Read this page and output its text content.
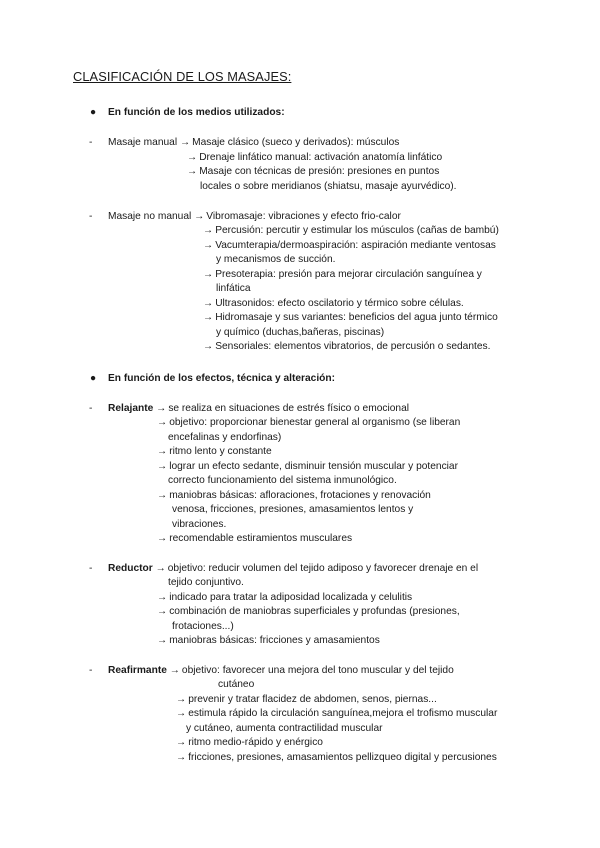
CLASIFICACIÓN DE LOS MASAJES:
● En función de los medios utilizados:
- Masaje manual → Masaje clásico (sueco y derivados): músculos
→ Drenaje linfático manual: activación anatomía linfático
→ Masaje con técnicas de presión: presiones en puntos
locales o sobre meridianos (shiatsu, masaje ayurvédico).
- Masaje no manual → Vibromasaje: vibraciones y efecto frio-calor
→ Percusión: percutir y estimular los músculos (cañas de bambú)
→ Vacumterapia/dermoaspiración: aspiración mediante ventosas
y mecanismos de succión.
→ Presoterapia: presión para mejorar circulación sanguínea y
linfática
→ Ultrasonidos: efecto oscilatorio y térmico sobre células.
→ Hidromasaje y sus variantes: beneficios del agua junto térmico
y químico (duchas,bañeras, piscinas)
→ Sensoriales: elementos vibratorios, de percusión o sedantes.
● En función de los efectos, técnica y alteración:
- Relajante → se realiza en situaciones de estrés físico o emocional
→ objetivo: proporcionar bienestar general al organismo (se liberan
encefalinas y endorfinas)
→ ritmo lento y constante
→ lograr un efecto sedante, disminuir tensión muscular y potenciar
correcto funcionamiento del sistema inmunológico.
→ maniobras básicas: afloraciones, frotaciones y renovación
venosa, fricciones, presiones, amasamientos lentos y
vibraciones.
→ recomendable estiramientos musculares
- Reductor → objetivo: reducir volumen del tejido adiposo y favorecer drenaje en el
tejido conjuntivo.
→ indicado para tratar la adiposidad localizada y celulitis
→ combinación de maniobras superficiales y profundas (presiones,
frotaciones...)
→ maniobras básicas: fricciones y amasamientos
- Reafirmante → objetivo: favorecer una mejora del tono muscular y del tejido
cutáneo
→ prevenir y tratar flacidez de abdomen, senos, piernas...
→ estimula rápido la circulación sanguínea,mejora el trofismo muscular
y cutáneo, aumenta contractilidad muscular
→ ritmo medio-rápido y enérgico
→ fricciones, presiones, amasamientos pellizqueo digital y percusiones
